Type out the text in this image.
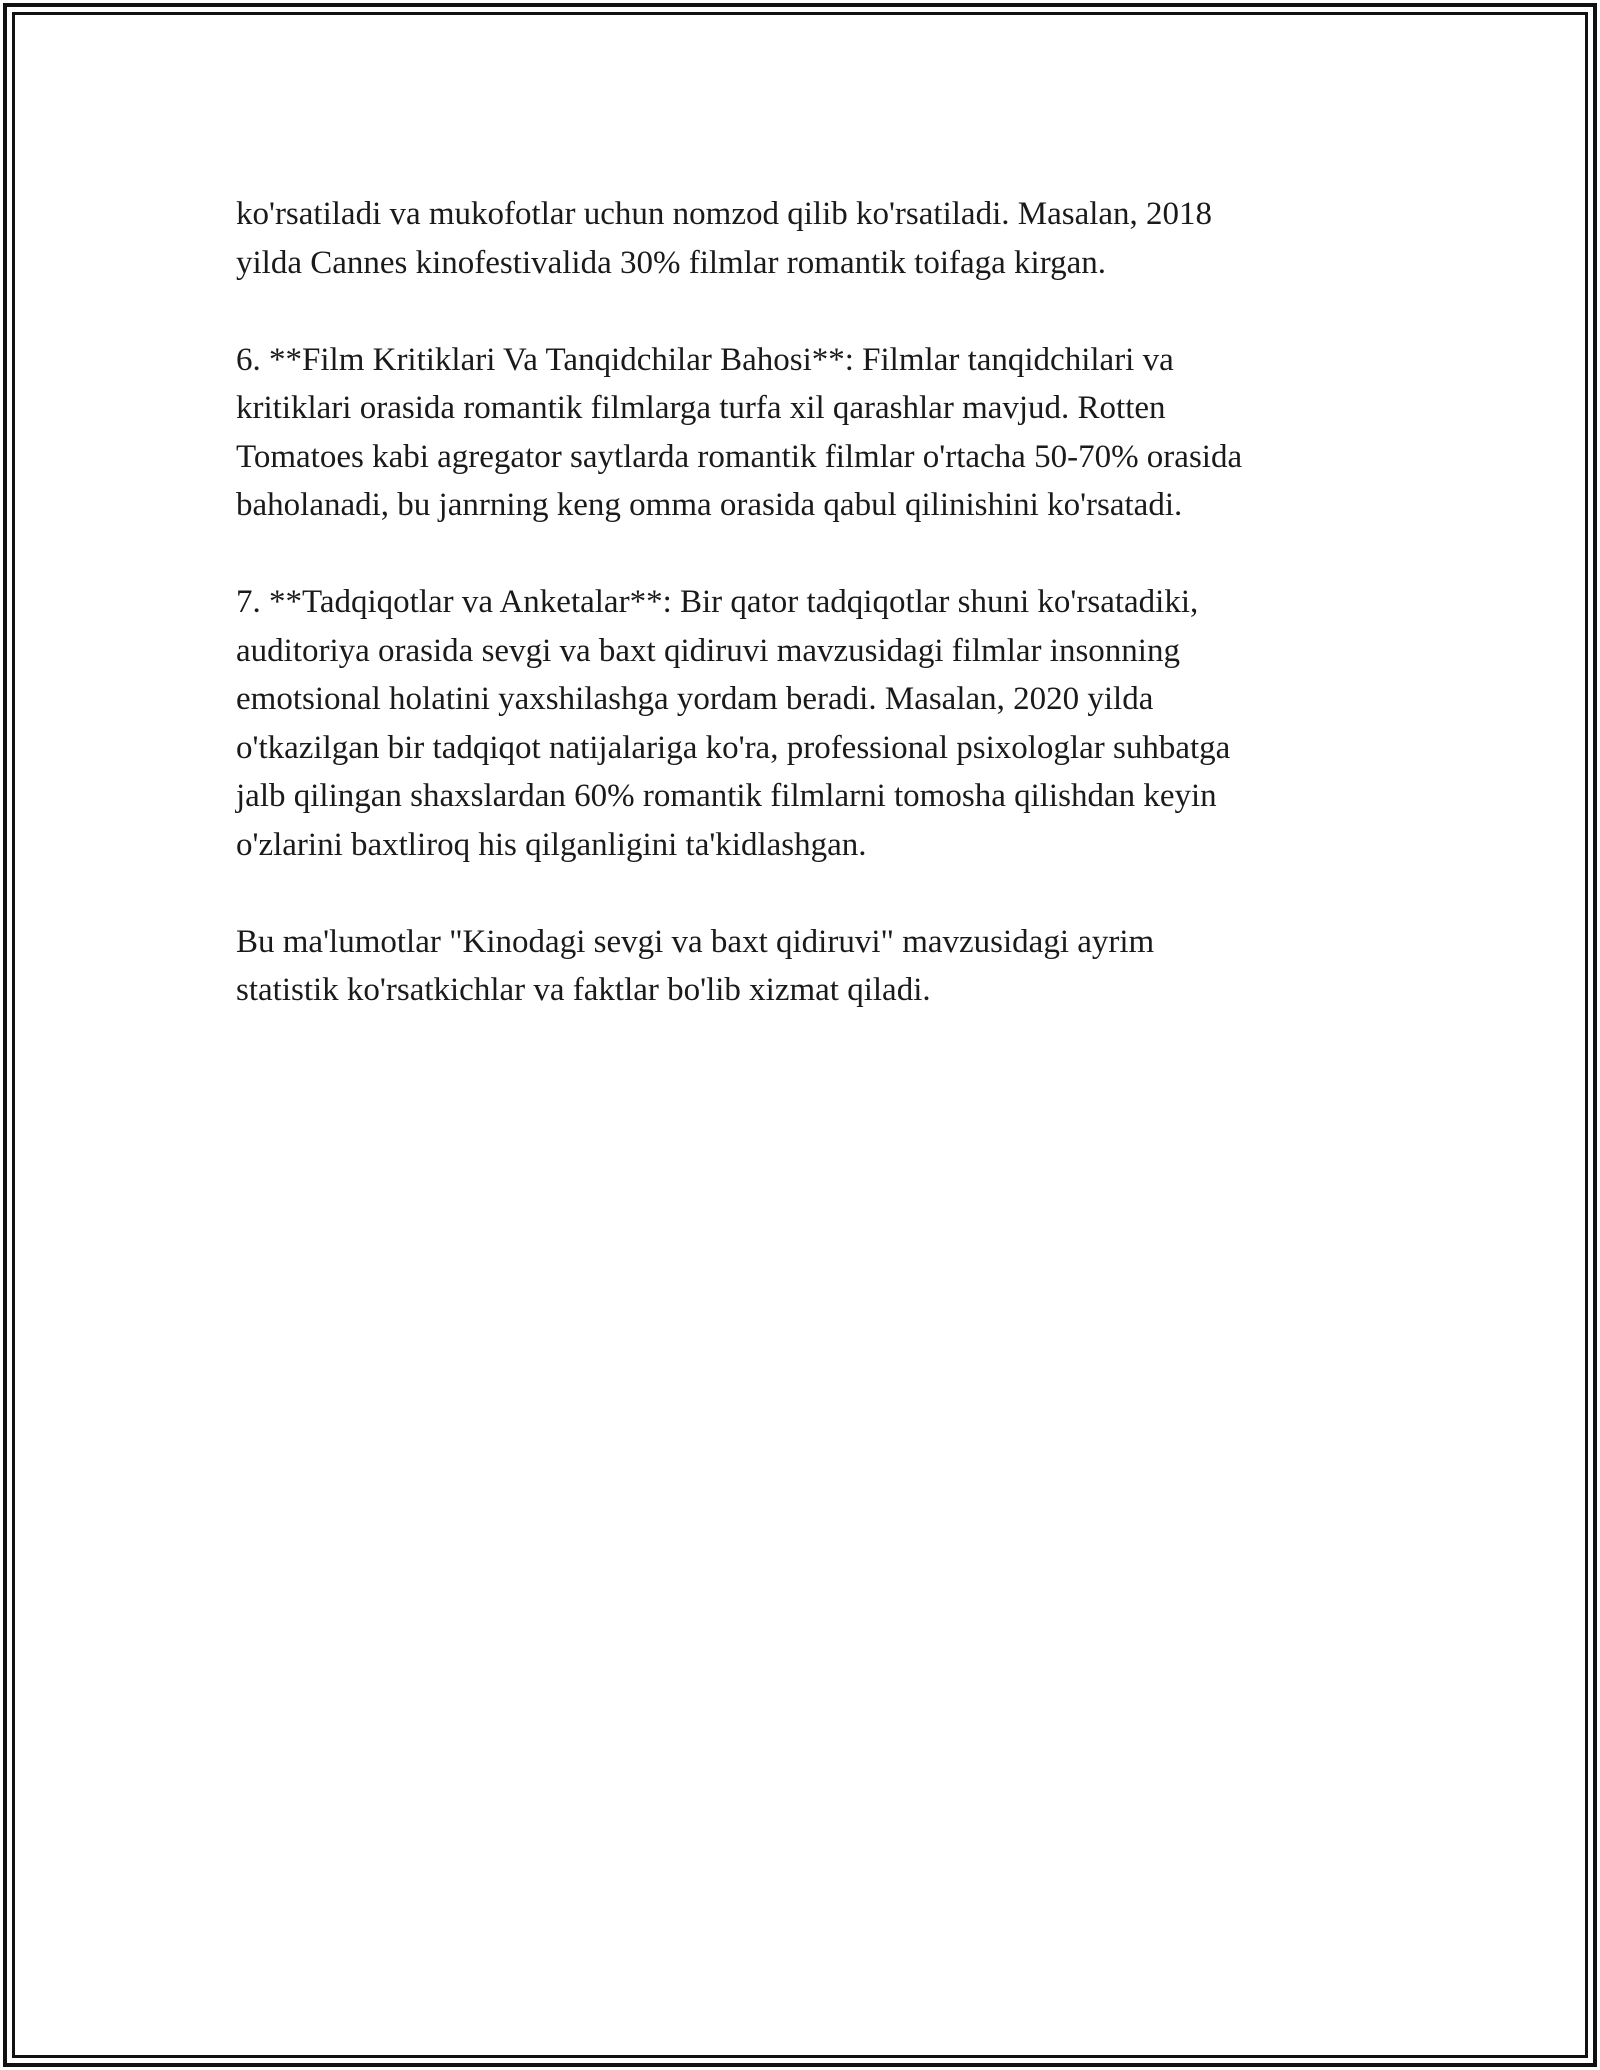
ko'rsatiladi va mukofotlar uchun nomzod qilib ko'rsatiladi. Masalan, 2018
yilda Cannes kinofestivalida 30% filmlar romantik toifaga kirgan.

6. **Film Kritiklari Va Tanqidchilar Bahosi**: Filmlar tanqidchilari va
kritiklari orasida romantik filmlarga turfa xil qarashlar mavjud. Rotten
Tomatoes kabi agregator saytlarda romantik filmlar o'rtacha 50-70% orasida
baholanadi, bu janrning keng omma orasida qabul qilinishini ko'rsatadi.

7. **Tadqiqotlar va Anketalar**: Bir qator tadqiqotlar shuni ko'rsatadiki,
auditoriya orasida sevgi va baxt qidiruvi mavzusidagi filmlar insonning
emotsional holatini yaxshilashga yordam beradi. Masalan, 2020 yilda
o'tkazilgan bir tadqiqot natijalariga ko'ra, professional psixologlar suhbatga
jalb qilingan shaxslardan 60% romantik filmlarni tomosha qilishdan keyin
o'zlarini baxtliroq his qilganligini ta'kidlashgan.

Bu ma'lumotlar "Kinodagi sevgi va baxt qidiruvi" mavzusidagi ayrim
statistik ko'rsatkichlar va faktlar bo'lib xizmat qiladi.
